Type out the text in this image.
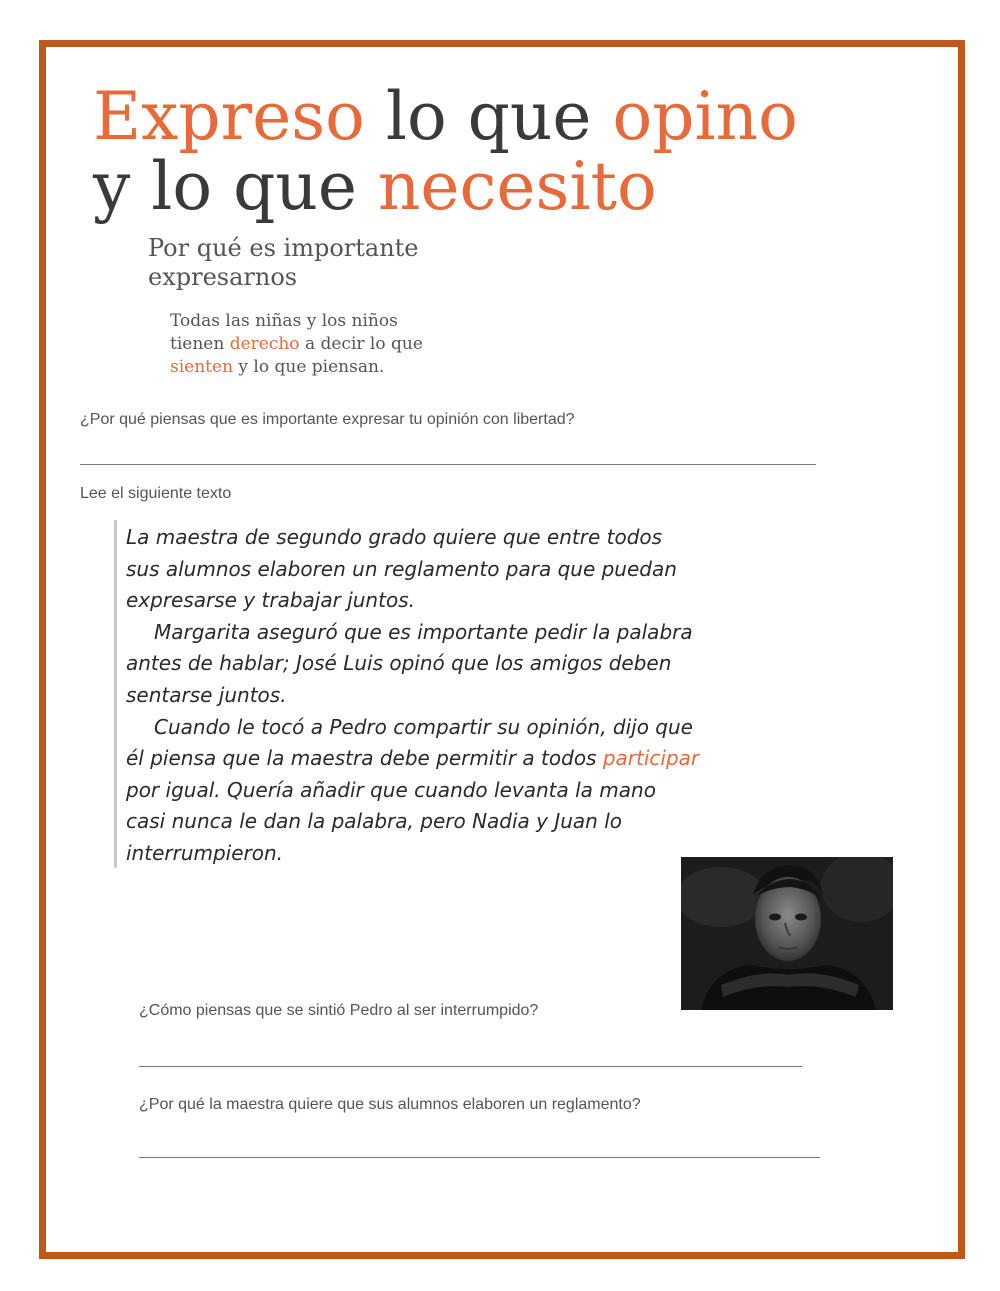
Expreso lo que opino
y lo que necesito
Por qué es importante
expresarnos
Todas las niñas y los niños
tienen derecho a decir lo que
sienten y lo que piensan.
¿Por qué piensas que es importante expresar tu opinión con libertad?
Lee el siguiente texto

La maestra de segundo grado quiere que entre todos

sus alumnos elaboren un reglamento para que puedan

expresarse y trabajar juntos.

Margarita aseguró que es importante pedir la palabra

antes de hablar; José Luis opinó que los amigos deben

sentarse juntos.

Cuando le tocó a Pedro compartir su opinión, dijo que

él piensa que la maestra debe permitir a todos participar

por igual. Quería añadir que cuando levanta la mano

casi nunca le dan la palabra, pero Nadia y Juan lo

interrumpieron.

¿Cómo piensas que se sintió Pedro al ser interrumpido?
¿Por qué la maestra quiere que sus alumnos elaboren un reglamento?
